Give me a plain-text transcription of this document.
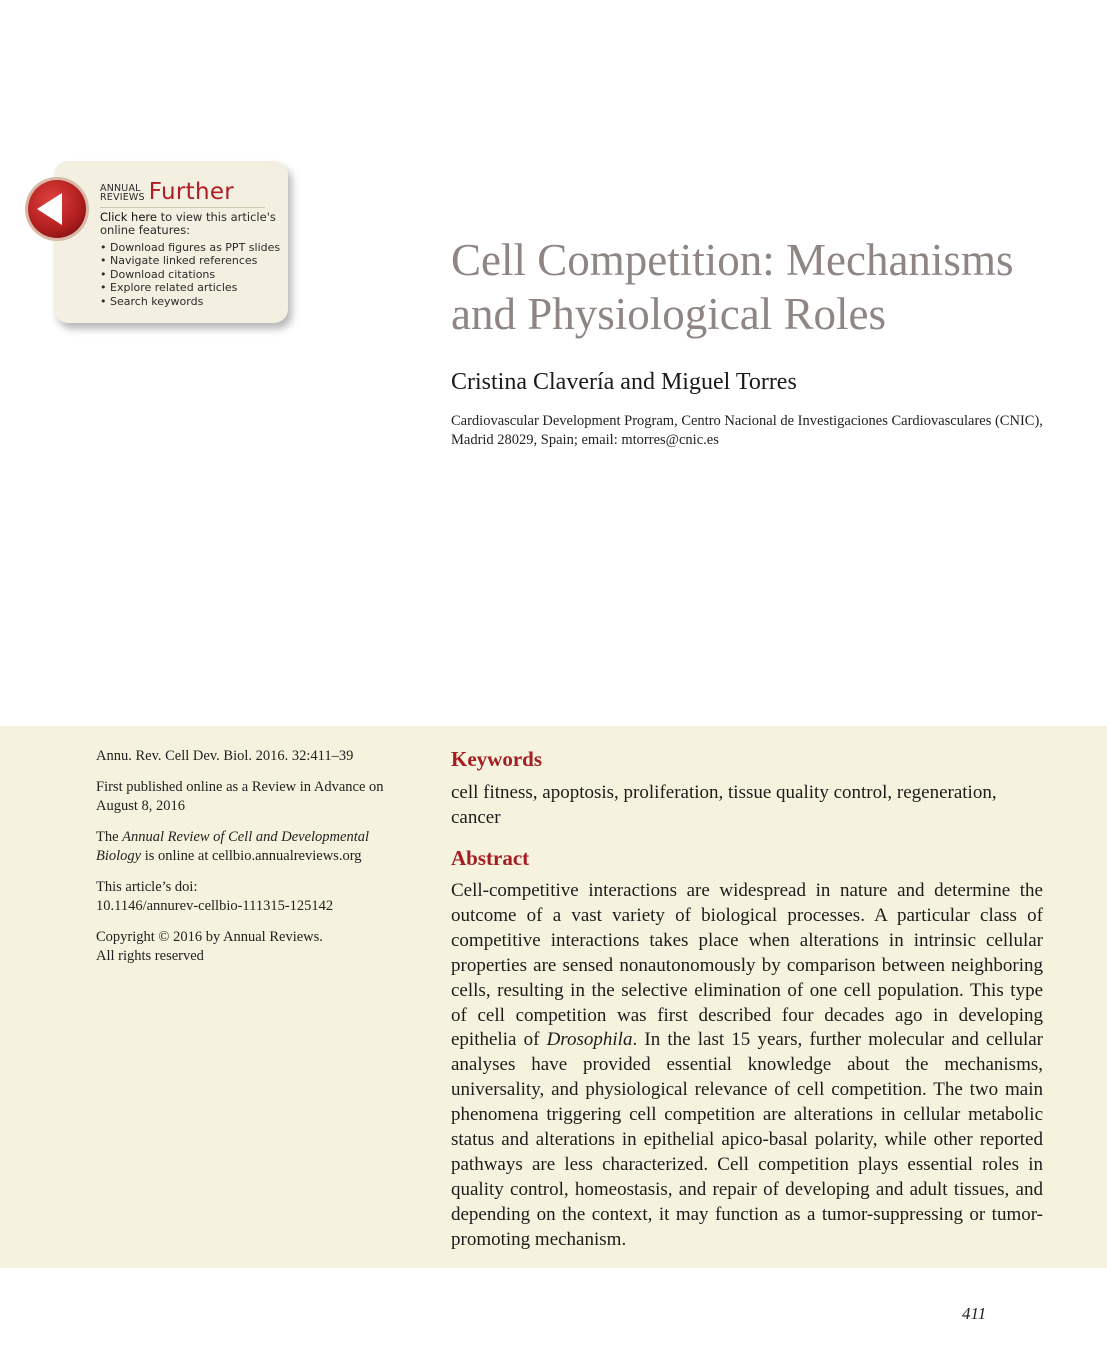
ANNUAL
REVIEWS Further
Click here to view this article's online features:
• Download figures as PPT slides
• Navigate linked references
• Download citations
• Explore related articles
• Search keywords
Cell Competition: Mechanisms and Physiological Roles
Cristina Clavería and Miguel Torres
Cardiovascular Development Program, Centro Nacional de Investigaciones Cardiovasculares (CNIC), Madrid 28029, Spain; email: mtorres@cnic.es

Annu. Rev. Cell Dev. Biol. 2016. 32:411–39

First published online as a Review in Advance on August 8, 2016

The Annual Review of Cell and Developmental Biology is online at cellbio.annualreviews.org

This article’s doi:
10.1146/annurev-cellbio-111315-125142

Copyright © 2016 by Annual Reviews.
All rights reserved

Keywords
cell fitness, apoptosis, proliferation, tissue quality control, regeneration, cancer
Abstract
Cell-competitive interactions are widespread in nature and determine the outcome of a vast variety of biological processes. A particular class of competitive interactions takes place when alterations in intrinsic cellular properties are sensed nonautonomously by comparison between neighboring cells, resulting in the selective elimination of one cell population. This type of cell competition was first described four decades ago in developing epithelia of Drosophila. In the last 15 years, further molecular and cellular analyses have provided essential knowledge about the mechanisms, universality, and physiological relevance of cell competition. The two main phenomena triggering cell competition are alterations in cellular metabolic status and alterations in epithelial apico-basal polarity, while other reported pathways are less characterized. Cell competition plays essential roles in quality control, homeostasis, and repair of developing and adult tissues, and depending on the context, it may function as a tumor-suppressing or tumor-promoting mechanism.
411
